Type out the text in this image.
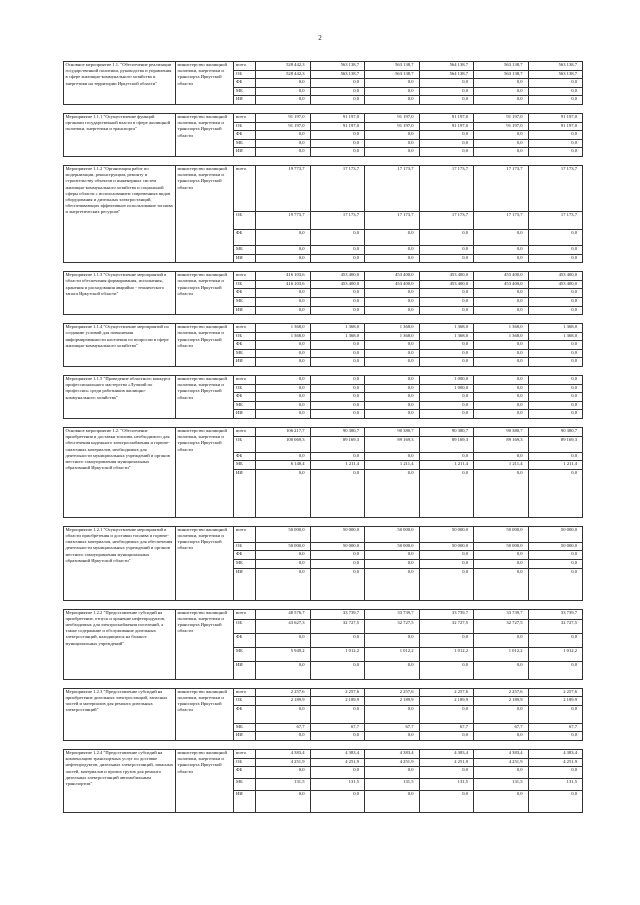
2
Основное мероприятие 1.1. "Обеспечение реализации государственной политики, руководства и управления в сфере жилищно-коммунального хозяйства и энергетики на территории Иркутской области"	министерство жилищной политики, энергетики и транспорта Иркутской области	всего	528 442,3	563 138,7	563 138,7	564 138,7	563 138,7	563 138,7
		ОБ	528 442,3	563 138,7	563 138,7	564 138,7	563 138,7	563 138,7
		ФБ	0,0	0,0	0,0	0,0	0,0	0,0
		МБ	0,0	0,0	0,0	0,0	0,0	0,0
		ИИ	0,0	0,0	0,0	0,0	0,0	0,0

Мероприятие 1.1.1 "Осуществление функций органами государственной власти в сфере жилищной политики, энергетики и транспорта"	министерство жилищной политики, энергетики и транспорта Иркутской области	всего	91 197,0	91 197,0	91 197,0	91 197,0	91 197,0	91 197,0
		ОБ	91 197,0	91 197,0	91 197,0	91 197,0	91 197,0	91 197,0
		ФБ	0,0	0,0	0,0	0,0	0,0	0,0
		МБ	0,0	0,0	0,0	0,0	0,0	0,0
		ИИ	0,0	0,0	0,0	0,0	0,0	0,0

Мероприятие 1.1.2 "Организация работ по модернизации, реконструкции, ремонту и строительству объектов и инженерных систем жилищно-коммунального хозяйства и социальной сферы области с использованием современных видов оборудования и дизельных электростанций, обеспечивающих эффективное использование топлива и энергетических ресурсов"	министерство жилищной политики, энергетики и транспорта Иркутской области	всего	19 773,7	17 173,7	17 173,7	17 173,7	17 173,7	17 173,7
		ОБ	19 773,7	17 173,7	17 173,7	17 173,7	17 173,7	17 173,7
		ФБ	0,0	0,0	0,0	0,0	0,0	0,0
		МБ	0,0	0,0	0,0	0,0	0,0	0,0
		ИИ	0,0	0,0	0,0	0,0	0,0	0,0

Мероприятие 1.1.3 "Осуществление мероприятий в области обеспечения формирования, исполнения, хранения и расходования аварийно - технического запаса Иркутской области"	министерство жилищной политики, энергетики и транспорта Иркутской области	всего	416 103,6	453 400,0	453 400,0	453 400,0	453 400,0	453 400,0
		ОБ	416 103,6	453 400,0	453 400,0	453 400,0	453 400,0	453 400,0
		ФБ	0,0	0,0	0,0	0,0	0,0	0,0
		МБ	0,0	0,0	0,0	0,0	0,0	0,0
		ИИ	0,0	0,0	0,0	0,0	0,0	0,0

Мероприятие 1.1.4 "Осуществление мероприятий по созданию условий для повышения информированности населения по вопросам в сфере жилищно-коммунального хозяйства"	министерство жилищной политики, энергетики и транспорта Иркутской области	всего	1 368,0	1 368,0	1 368,0	1 368,0	1 368,0	1 368,0
		ОБ	1 368,0	1 368,0	1 368,0	1 368,0	1 368,0	1 368,0
		ФБ	0,0	0,0	0,0	0,0	0,0	0,0
		МБ	0,0	0,0	0,0	0,0	0,0	0,0
		ИИ	0,0	0,0	0,0	0,0	0,0	0,0

Мероприятие 1.1.5 "Проведение областного конкурса профессионального мастерства «Лучший по профессии» среди работников жилищно-коммунального хозяйства"	министерство жилищной политики, энергетики и транспорта Иркутской области	всего	0,0	0,0	0,0	1 000,0	0,0	0,0
		ОБ	0,0	0,0	0,0	1 000,0	0,0	0,0
		ФБ	0,0	0,0	0,0	0,0	0,0	0,0
		МБ	0,0	0,0	0,0	0,0	0,0	0,0
		ИИ	0,0	0,0	0,0	0,0	0,0	0,0

Основное мероприятие 1.2. "Обеспечение приобретения и доставки топлива, необходимого для обеспечения надежного электроснабжения и горюче-смазочных материалов, необходимых для деятельности муниципальных учреждений и органов местного самоуправления муниципальных образований Иркутской области"	министерство жилищной политики, энергетики и транспорта Иркутской области	всего	106 217,7	90 380,7	90 380,7	90 380,7	90 380,7	90 380,7
		ОБ	100 069,3	89 169,3	89 169,3	89 169,3	89 169,3	89 169,3
		ФБ	0,0	0,0	0,0	0,0	0,0	0,0
		МБ	6 148,4	1 211,4	1 211,4	1 211,4	1 211,4	1 211,4
		ИИ	0,0	0,0	0,0	0,0	0,0	0,0

Мероприятие 1.2.1 "Осуществление мероприятий в области приобретения и доставки топлива и горюче-смазочных материалов, необходимых для обеспечения деятельности муниципальных учреждений и органов местного самоуправления муниципальных образований Иркутской области"	министерство жилищной политики, энергетики и транспорта Иркутской области	всего	50 000,0	50 000,0	50 000,0	50 000,0	50 000,0	50 000,0
		ОБ	50 000,0	50 000,0	50 000,0	50 000,0	50 000,0	50 000,0
		ФБ	0,0	0,0	0,0	0,0	0,0	0,0
		МБ	0,0	0,0	0,0	0,0	0,0	0,0
		ИИ	0,0	0,0	0,0	0,0	0,0	0,0

Мероприятие 1.2.2 "Предоставление субсидий на приобретение, отпуск и хранение нефтепродуктов, необходимых для электроснабжения поселений, а также содержание и обслуживание дизельных электростанций, находящихся на балансе муниципальных учреждений"	министерство жилищной политики, энергетики и транспорта Иркутской области	всего	48 576,7	33 739,7	33 739,7	33 739,7	33 739,7	33 739,7
		ОБ	43 627,3	32 727,5	32 727,5	32 727,5	32 727,5	32 727,5
		ФБ	0,0	0,0	0,0	0,0	0,0	0,0
		МБ	5 949,2	1 012,2	1 012,2	1 012,2	1 012,2	1 012,2
		ИИ	0,0	0,0	0,0	0,0	0,0	0,0

Мероприятие 1.2.3 "Предоставление субсидий на приобретение дизельных электростанций, запасных частей и материалов для ремонта дизельных электростанций"	министерство жилищной политики, энергетики и транспорта Иркутской области	всего	2 257,6	2 257,6	2 257,6	2 257,6	2 257,6	2 257,6
		ОБ	2 189,9	2 189,9	2 189,9	2 189,9	2 189,9	2 189,9
		ФБ	0,0	0,0	0,0	0,0	0,0	0,0
		МБ	67,7	67,7	67,7	67,7	67,7	67,7
		ИИ	0,0	0,0	0,0	0,0	0,0	0,0

Мероприятие 1.2.4 "Предоставление субсидий на компенсацию транспортных услуг по доставке нефтепродуктов, дизельных электростанций, запасных частей, материалов и прочих грузов для ремонта дизельных электростанций автомобильным транспортом"	министерство жилищной политики, энергетики и транспорта Иркутской области	всего	4 383,4	4 383,4	4 383,4	4 383,4	4 383,4	4 383,4
		ОБ	4 251,9	4 251,9	4 251,9	4 251,9	4 251,9	4 251,9
		ФБ	0,0	0,0	0,0	0,0	0,0	0,0
		МБ	131,5	131,5	131,5	131,5	131,5	131,5
		ИИ	0,0	0,0	0,0	0,0	0,0	0,0
